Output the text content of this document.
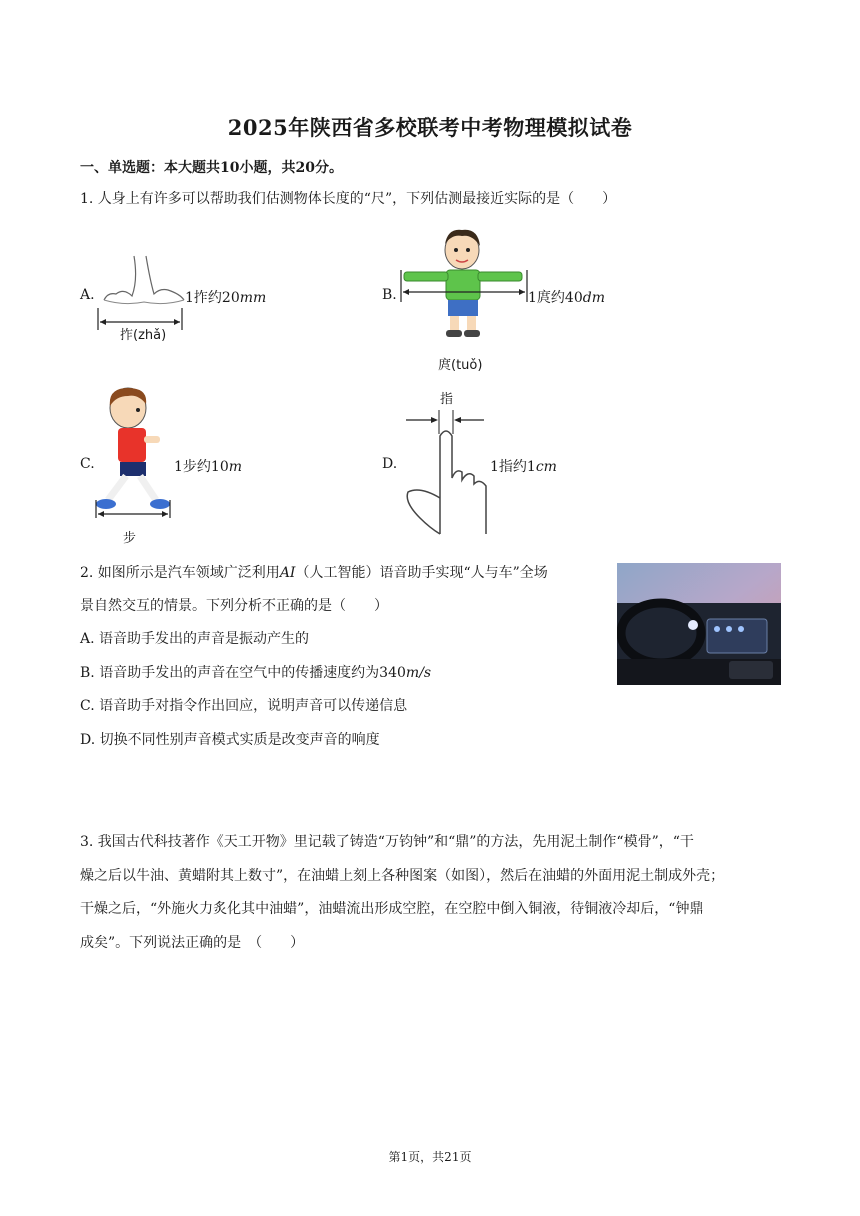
2025年陕西省多校联考中考物理模拟试卷
一、单选题：本大题共10小题，共20分。
1. 人身上有许多可以帮助我们估测物体长度的“尺”，下列估测最接近实际的是（　　）
A.
拃(zhǎ)
1拃约20mm	B.
庹(tuǒ)
1庹约40dm
C.
步
1步约10m	D.
指
1指约1cm
2. 如图所示是汽车领域广泛利用AI（人工智能）语音助手实现“人与车”全场
景自然交互的情景。下列分析不正确的是（　　）
A. 语音助手发出的声音是振动产生的
B. 语音助手发出的声音在空气中的传播速度约为340m/s
C. 语音助手对指令作出回应，说明声音可以传递信息
D. 切换不同性别声音模式实质是改变声音的响度
3. 我国古代科技著作《天工开物》里记载了铸造“万钧钟”和“鼎”的方法，先用泥土制作“模骨”，“干
燥之后以牛油、黄蜡附其上数寸”，在油蜡上刻上各种图案（如图），然后在油蜡的外面用泥土制成外壳；
干燥之后，“外施火力炙化其中油蜡”，油蜡流出形成空腔，在空腔中倒入铜液，待铜液冷却后，“钟鼎
成矣”。下列说法正确的是　（　　）
第1页，共21页
